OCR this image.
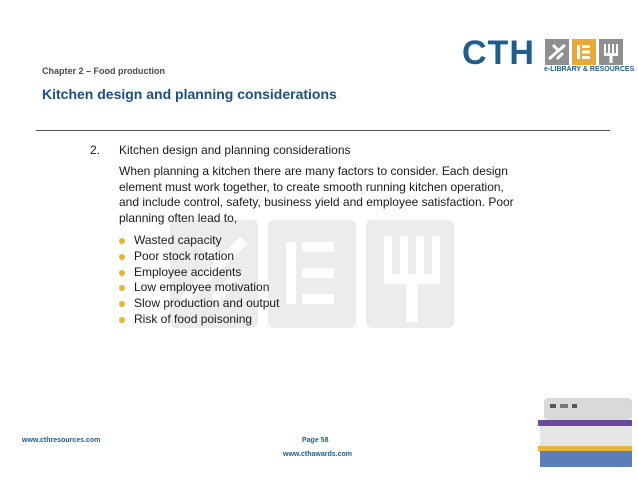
Chapter 2 – Food production
Kitchen design and planning considerations
CTH e-LIBRARY & RESOURCES
2. Kitchen design and planning considerations
When planning a kitchen there are many factors to consider. Each design
element must work together, to create smooth running kitchen operation,
and include control, safety, business yield and employee satisfaction. Poor
planning often lead to,
Wasted capacity
Poor stock rotation
Employee accidents
Low employee motivation
Slow production and output
Risk of food poisoning
www.cthresources.com	Page 58
www.cthawards.com
